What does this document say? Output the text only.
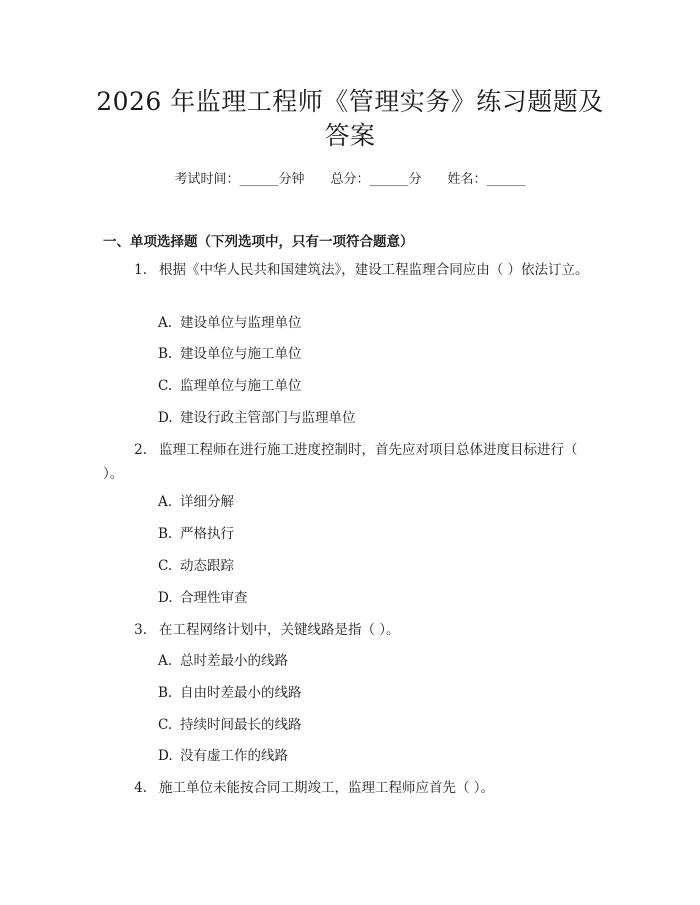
2026 年监理工程师《管理实务》练习题题及
答案
考试时间：______分钟 总分：______分 姓名：______
一、单项选择题（下列选项中，只有一项符合题意）
1. 根据《中华人民共和国建筑法》，建设工程监理合同应由（ ）依法订立。
A. 建设单位与监理单位
B. 建设单位与施工单位
C. 监理单位与施工单位
D. 建设行政主管部门与监理单位
2. 监理工程师在进行施工进度控制时，首先应对项目总体进度目标进行（ ）。
A. 详细分解
B. 严格执行
C. 动态跟踪
D. 合理性审查
3. 在工程网络计划中，关键线路是指（ ）。
A. 总时差最小的线路
B. 自由时差最小的线路
C. 持续时间最长的线路
D. 没有虚工作的线路
4. 施工单位未能按合同工期竣工，监理工程师应首先（ ）。
